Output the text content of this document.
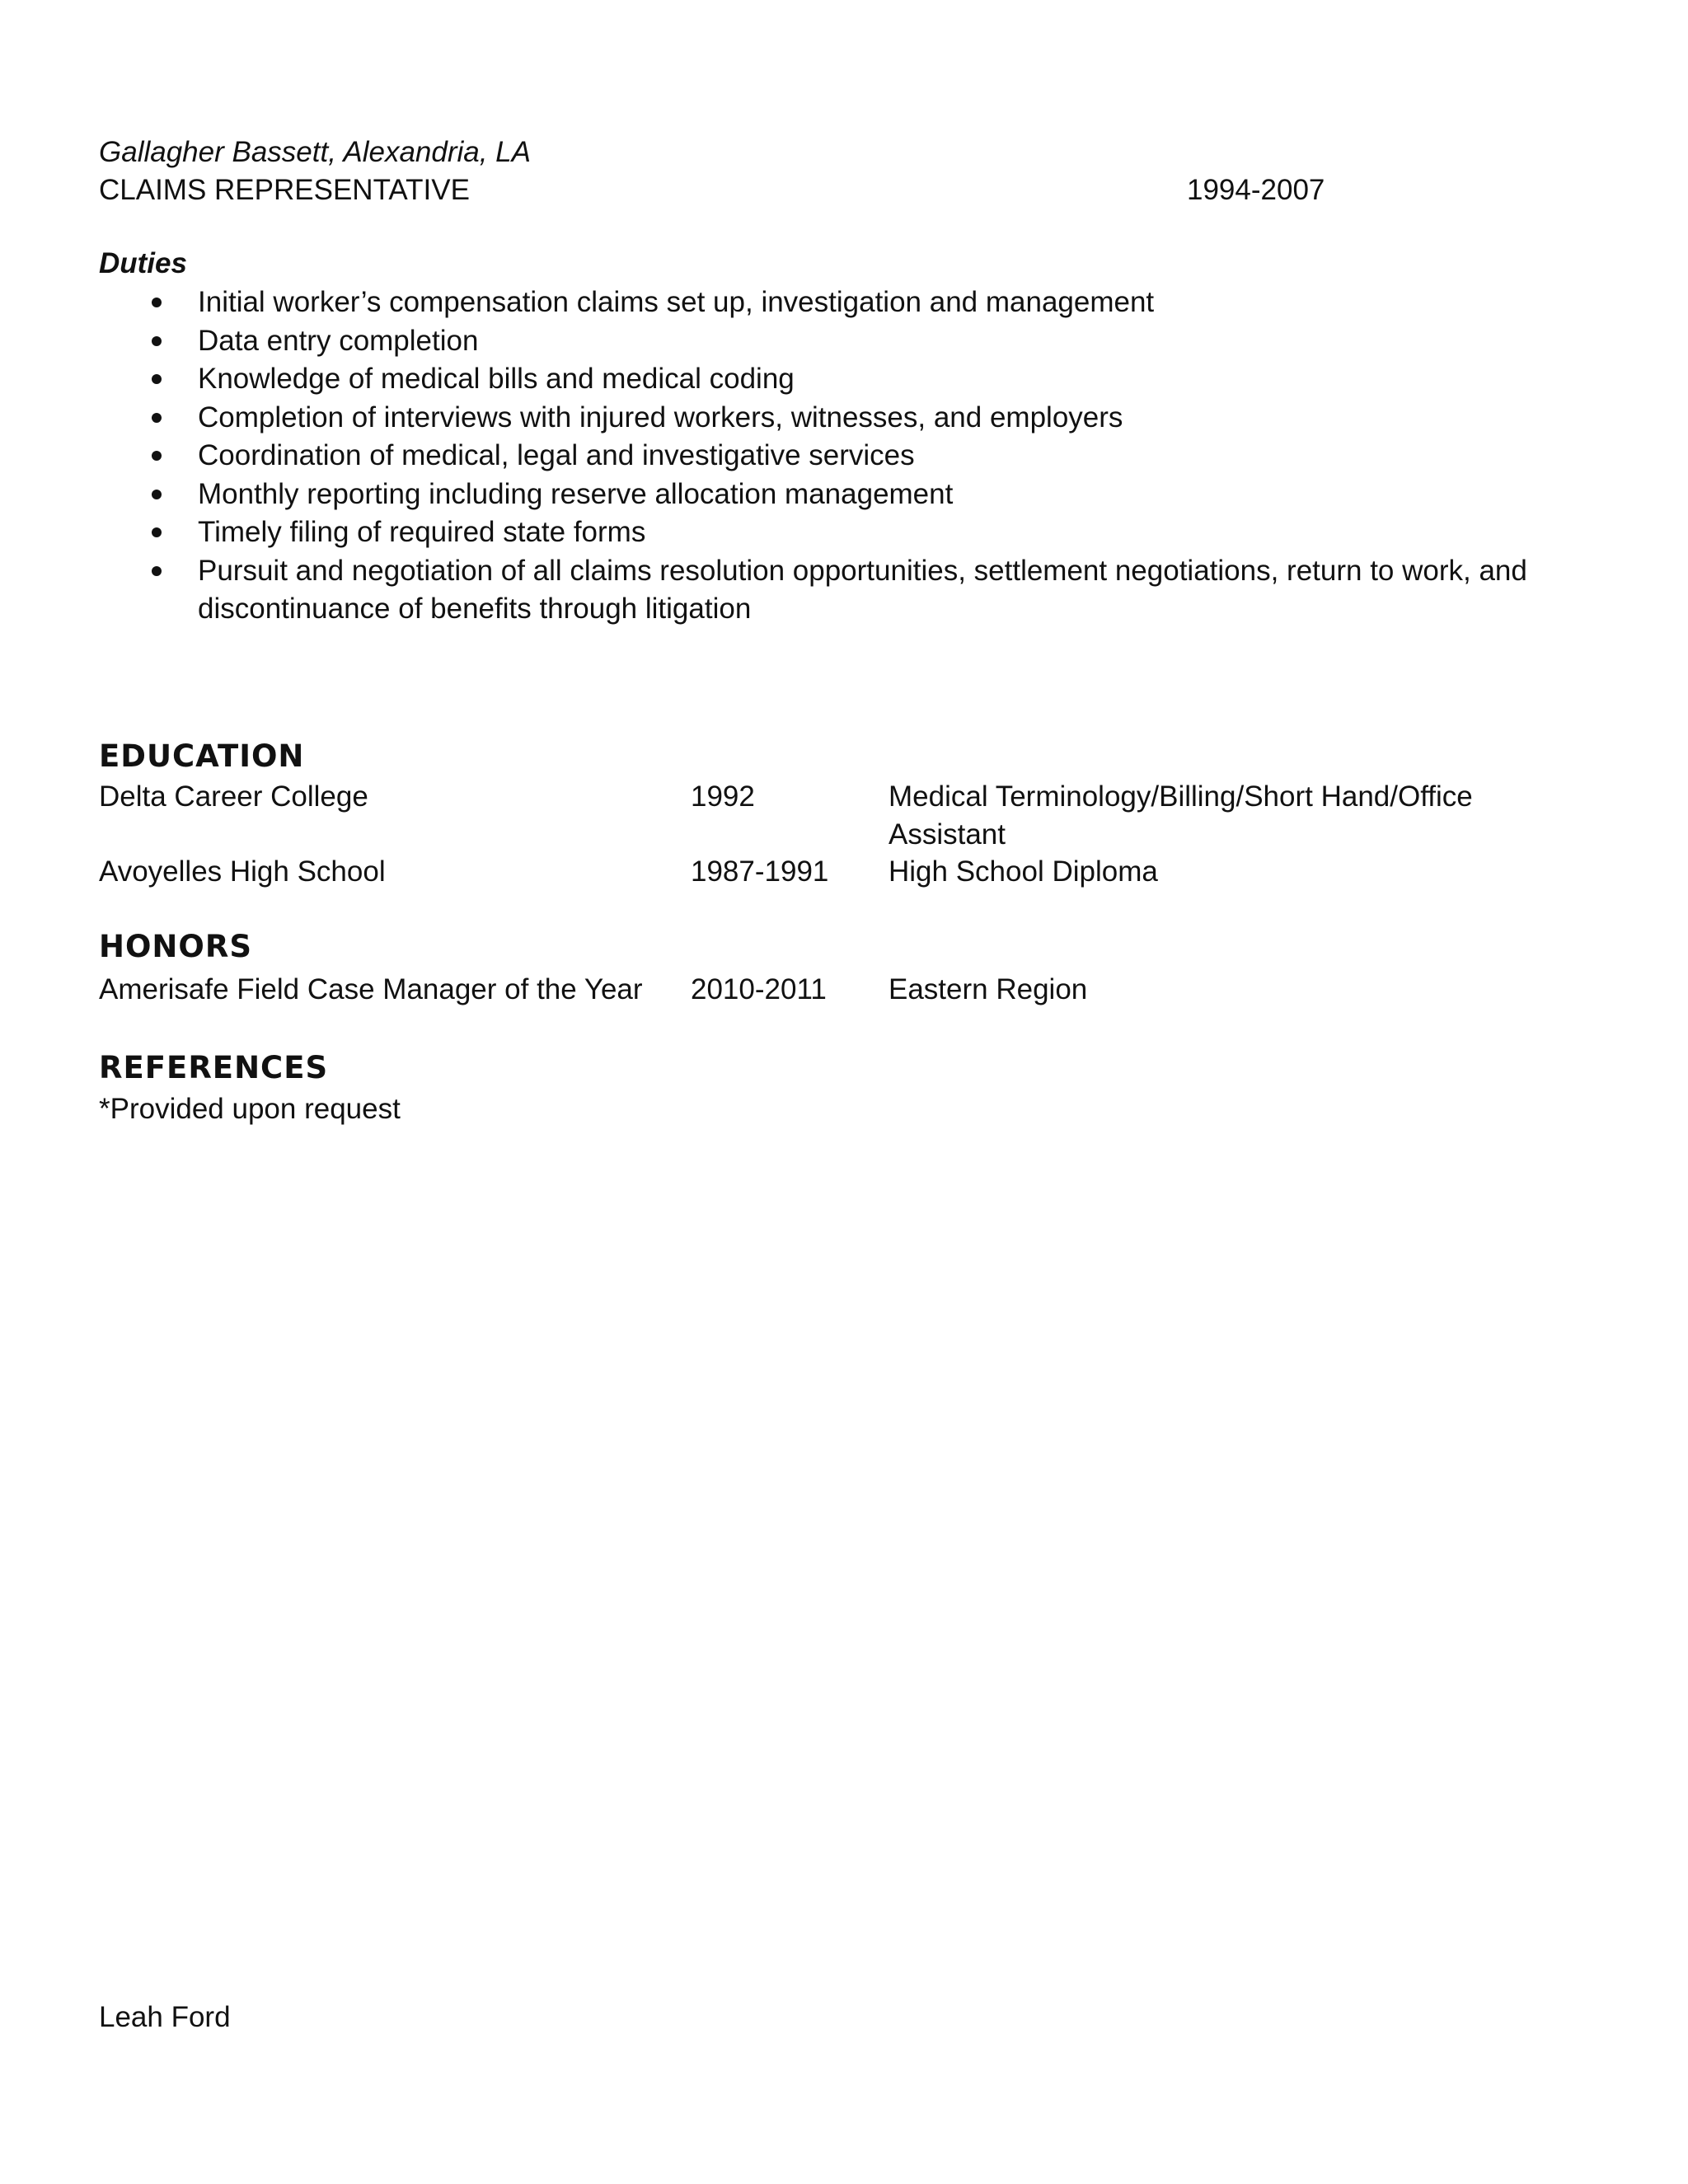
Gallagher Bassett, Alexandria, LA
CLAIMS REPRESENTATIVE	1994-2007
Duties
Initial worker’s compensation claims set up, investigation and management
Data entry completion
Knowledge of medical bills and medical coding
Completion of interviews with injured workers, witnesses, and employers
Coordination of medical, legal and investigative services
Monthly reporting including reserve allocation management
Timely filing of required state forms
Pursuit and negotiation of all claims resolution opportunities, settlement negotiations, return to work, and discontinuance of benefits through litigation
EDUCATION
Delta Career College	1992	Medical Terminology/Billing/Short Hand/Office Assistant
Avoyelles High School	1987-1991 High School Diploma
HONORS
Amerisafe Field Case Manager of the Year 2010-2011 Eastern Region
REFERENCES
*Provided upon request
Leah Ford
